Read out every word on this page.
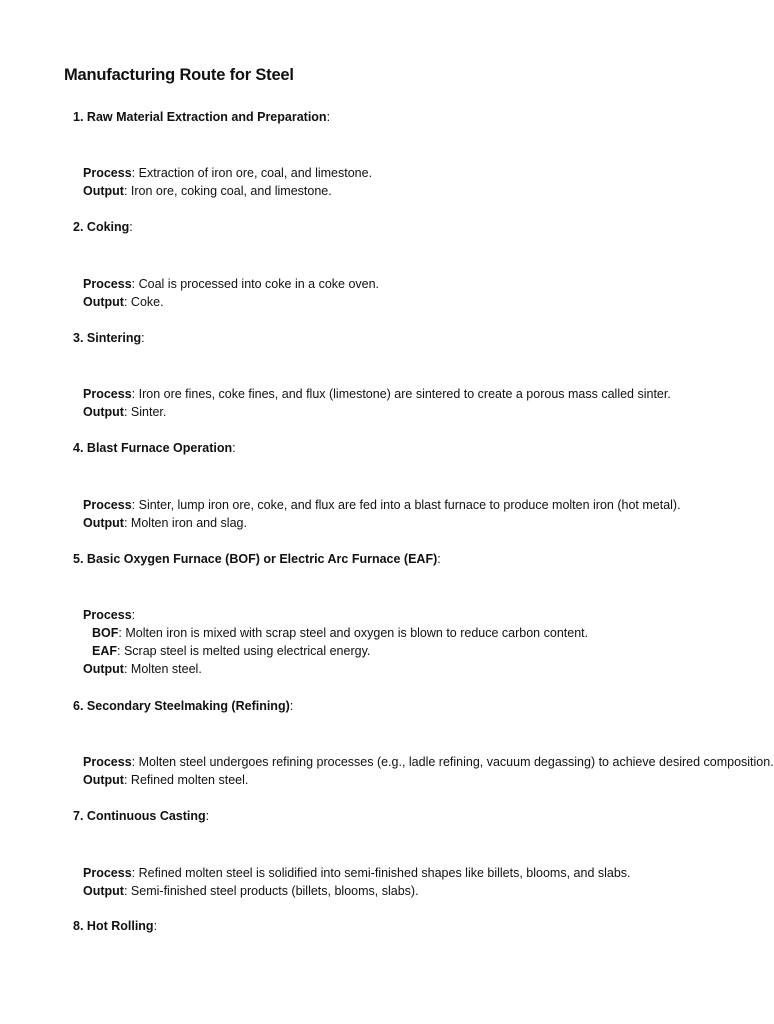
Manufacturing Route for Steel
1. Raw Material Extraction and Preparation:
Process: Extraction of iron ore, coal, and limestone.
Output: Iron ore, coking coal, and limestone.
2. Coking:
Process: Coal is processed into coke in a coke oven.
Output: Coke.
3. Sintering:
Process: Iron ore fines, coke fines, and flux (limestone) are sintered to create a porous mass called sinter.
Output: Sinter.
4. Blast Furnace Operation:
Process: Sinter, lump iron ore, coke, and flux are fed into a blast furnace to produce molten iron (hot metal).
Output: Molten iron and slag.
5. Basic Oxygen Furnace (BOF) or Electric Arc Furnace (EAF):
Process:
BOF: Molten iron is mixed with scrap steel and oxygen is blown to reduce carbon content.
EAF: Scrap steel is melted using electrical energy.
Output: Molten steel.
6. Secondary Steelmaking (Refining):
Process: Molten steel undergoes refining processes (e.g., ladle refining, vacuum degassing) to achieve desired composition.
Output: Refined molten steel.
7. Continuous Casting:
Process: Refined molten steel is solidified into semi-finished shapes like billets, blooms, and slabs.
Output: Semi-finished steel products (billets, blooms, slabs).
8. Hot Rolling:
